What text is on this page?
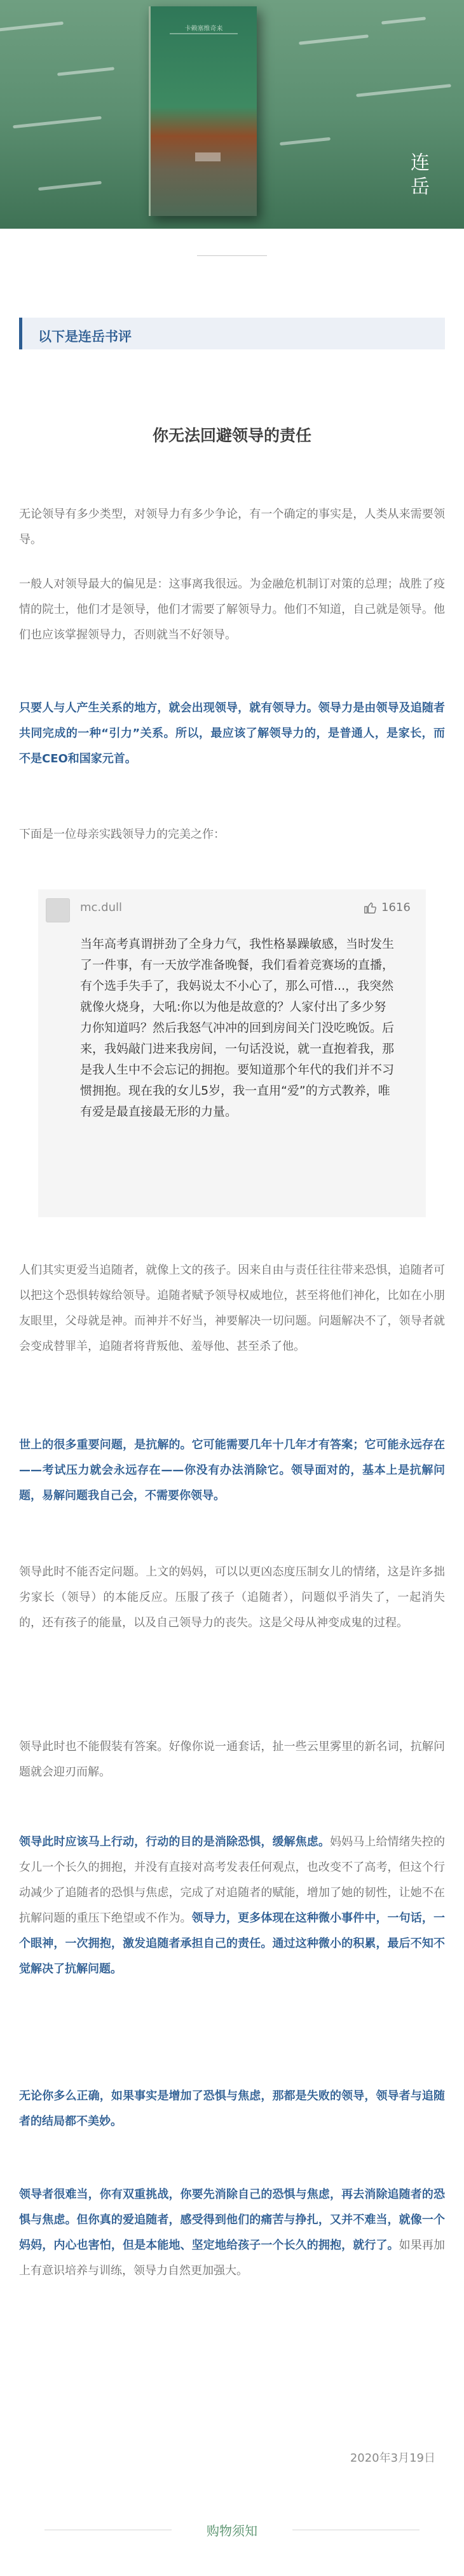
卡赖塞维奇来
连
岳
以下是连岳书评
你无法回避领导的责任

无论领导有多少类型，对领导力有多少争论，有一个确定的事实是，人类从来需要领导。

一般人对领导最大的偏见是：这事离我很远。为金融危机制订对策的总理；战胜了疫情的院士，他们才是领导，他们才需要了解领导力。他们不知道，自己就是领导。他们也应该掌握领导力，否则就当不好领导。

只要人与人产生关系的地方，就会出现领导，就有领导力。领导力是由领导及追随者共同完成的一种“引力”关系。所以，最应该了解领导力的，是普通人，是家长，而不是CEO和国家元首。

下面是一位母亲实践领导力的完美之作：

mc.dull	1616

当年高考真谓拼劲了全身力气，我性格暴躁敏感，当时发生了一件事，有一天放学准备晚餐，我们看着竞赛场的直播，有个选手失手了，我妈说太不小心了，那么可惜...，我突然就像火烧身，大吼:你以为他是故意的？人家付出了多少努力你知道吗？然后我怒气冲冲的回到房间关门没吃晚饭。后来，我妈敲门进来我房间，一句话没说，就一直抱着我，那是我人生中不会忘记的拥抱。要知道那个年代的我们并不习惯拥抱。现在我的女儿5岁，我一直用“爱”的方式教养，唯有爱是最直接最无形的力量。

人们其实更爱当追随者，就像上文的孩子。因来自由与责任往往带来恐惧，追随者可以把这个恐惧转嫁给领导。追随者赋予领导权威地位，甚至将他们神化，比如在小朋友眼里，父母就是神。而神并不好当，神要解决一切问题。问题解决不了，领导者就会变成替罪羊，追随者将背叛他、羞辱他、甚至杀了他。

世上的很多重要问题，是抗解的。它可能需要几年十几年才有答案；它可能永远存在——考试压力就会永远存在——你没有办法消除它。领导面对的，基本上是抗解问题，易解问题我自己会，不需要你领导。

领导此时不能否定问题。上文的妈妈，可以以更凶态度压制女儿的情绪，这是许多拙劣家长（领导）的本能反应。压服了孩子（追随者），问题似乎消失了，一起消失的，还有孩子的能量，以及自己领导力的丧失。这是父母从神变成鬼的过程。

领导此时也不能假装有答案。好像你说一通套话，扯一些云里雾里的新名词，抗解问题就会迎刃而解。

领导此时应该马上行动，行动的目的是消除恐惧，缓解焦虑。妈妈马上给情绪失控的女儿一个长久的拥抱，并没有直接对高考发表任何观点，也改变不了高考，但这个行动减少了追随者的恐惧与焦虑，完成了对追随者的赋能，增加了她的韧性，让她不在抗解问题的重压下绝望或不作为。领导力，更多体现在这种微小事件中，一句话，一个眼神，一次拥抱，激发追随者承担自己的责任。通过这种微小的积累，最后不知不觉解决了抗解问题。

无论你多么正确，如果事实是增加了恐惧与焦虑，那都是失败的领导，领导者与追随者的结局都不美妙。

领导者很难当，你有双重挑战，你要先消除自己的恐惧与焦虑，再去消除追随者的恐惧与焦虑。但你真的爱追随者，感受得到他们的痛苦与挣扎，又并不难当，就像一个妈妈，内心也害怕，但是本能地、坚定地给孩子一个长久的拥抱，就行了。如果再加上有意识培养与训练，领导力自然更加强大。

2020年3月19日
购物须知
